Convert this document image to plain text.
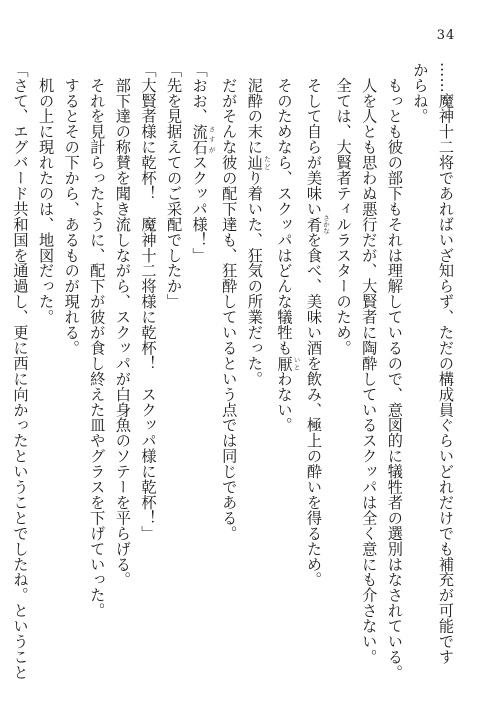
34
……魔神十二将であればいざ知らず、ただの構成員ぐらいどれだけでも補充が可能です
からね。
　もっとも彼の部下もそれは理解しているので、意図的に犠牲者の選別はなされている。
　人を人とも思わぬ悪行だが、大賢者に陶酔しているスクッパは全く意にも介さない。
　全ては、大賢者ティルラスターのため。
　そして自らが美味い肴 さかなを食べ、美味い酒を飲み、極上の酔いを得るため。
　そのためなら、スクッパはどんな犠牲も厭 いとわない。
　泥酔の末に辿 たどり着いた、狂気の所業だった。
　だがそんな彼の配下達も、狂酔しているという点では同じである。
「おお、流石 さすがスクッパ様！」
「先を見据えてのご采配でしたか」
「大賢者様に乾杯！　魔神十二将様に乾杯！　スクッパ様に乾杯！」
　部下達の称賛を聞き流しながら、スクッパが白身魚のソテーを平らげる。
　それを見計らったように、配下が彼が食し終えた皿やグラスを下げていった。
　するとその下から、あるものが現れる。
　机の上に現れたのは、地図だった。
「さて、エグバード共和国を通過し、更に西に向かったということでしたね。ということ
